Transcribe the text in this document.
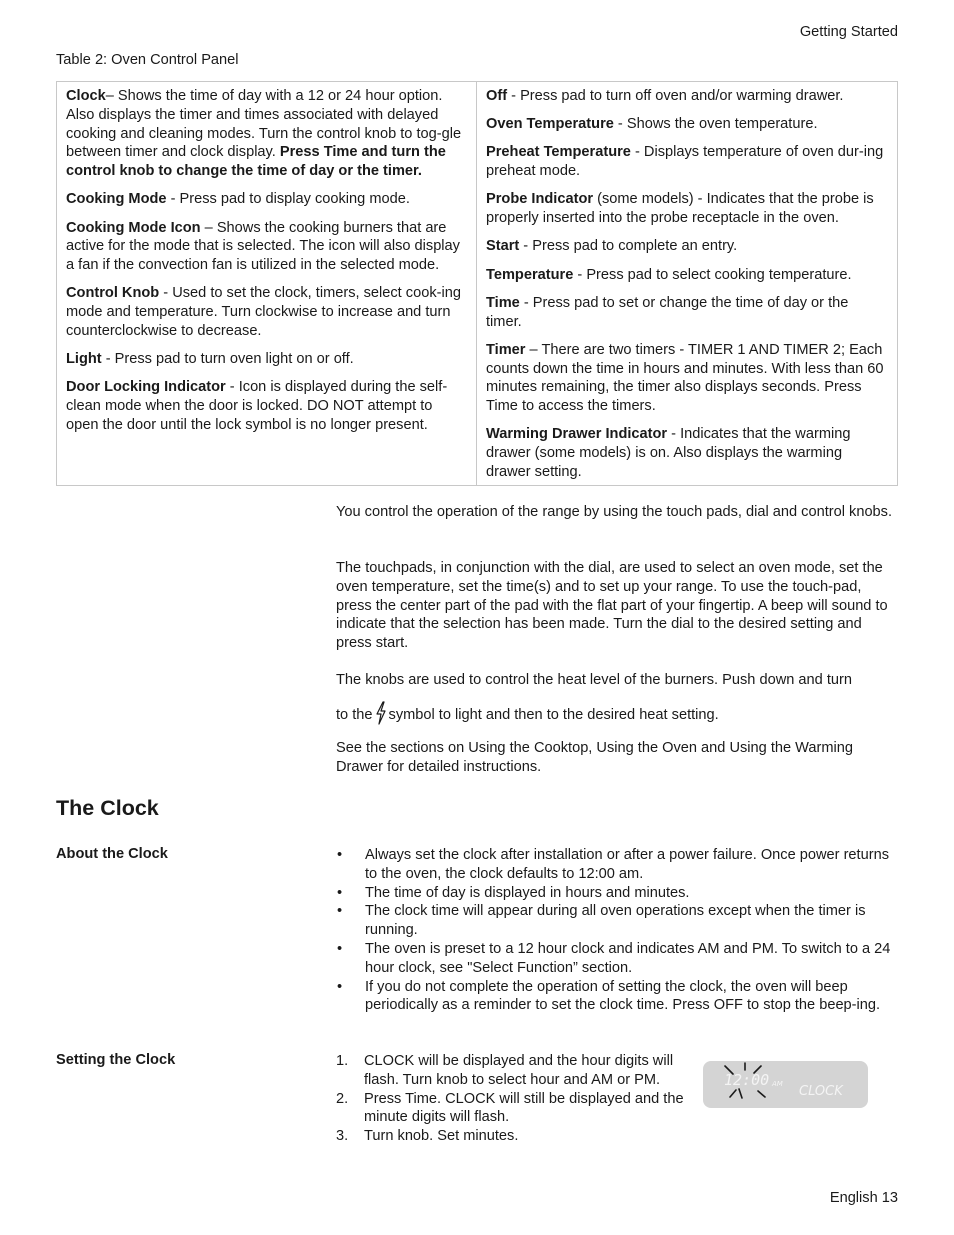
Getting Started
Table 2: Oven Control Panel

Clock– Shows the time of day with a 12 or 24 hour option. Also displays the timer and times associated with delayed cooking and cleaning modes. Turn the control knob to tog-gle between timer and clock display. Press Time and turn the control knob to change the time of day or the timer.

Cooking Mode - Press pad to display cooking mode.

Cooking Mode Icon – Shows the cooking burners that are active for the mode that is selected. The icon will also display a fan if the convection fan is utilized in the selected mode.

Control Knob - Used to set the clock, timers, select cook-ing mode and temperature. Turn clockwise to increase and turn counterclockwise to decrease.

Light - Press pad to turn oven light on or off.

Door Locking Indicator - Icon is displayed during the self-clean mode when the door is locked. DO NOT attempt to open the door until the lock symbol is no longer present.

Off - Press pad to turn off oven and/or warming drawer.

Oven Temperature - Shows the oven temperature.

Preheat Temperature - Displays temperature of oven dur-ing preheat mode.

Probe Indicator (some models) - Indicates that the probe is properly inserted into the probe receptacle in the oven.

Start - Press pad to complete an entry.

Temperature - Press pad to select cooking temperature.

Time - Press pad to set or change the time of day or the timer.

Timer – There are two timers - TIMER 1 AND TIMER 2; Each counts down the time in hours and minutes. With less than 60 minutes remaining, the timer also displays seconds. Press Time to access the timers.

Warming Drawer Indicator - Indicates that the warming drawer (some models) is on. Also displays the warming drawer setting.

You control the operation of the range by using the touch pads, dial and control knobs.

The touchpads, in conjunction with the dial, are used to select an oven mode, set the oven temperature, set the time(s) and to set up your range. To use the touch-pad, press the center part of the pad with the flat part of your fingertip. A beep will sound to indicate that the selection has been made. Turn the dial to the desired setting and press start.

The knobs are used to control the heat level of the burners. Push down and turn

to the symbol to light and then to the desired heat setting.

See the sections on Using the Cooktop, Using the Oven and Using the Warming Drawer for detailed instructions.

The Clock
About the Clock	•	Always set the clock after installation or after a power failure. Once power returns to the oven, the clock defaults to 12:00 am.
•	The time of day is displayed in hours and minutes.
•	The clock time will appear during all oven operations except when the timer is running.
•	The oven is preset to a 12 hour clock and indicates AM and PM. To switch to a 24 hour clock, see "Select Function” section.
•	If you do not complete the operation of setting the clock, the oven will beep periodically as a reminder to set the clock time. Press OFF to stop the beep-ing.
Setting the Clock	1.	CLOCK will be displayed and the hour digits will flash. Turn knob to select hour and AM or PM.
2.	Press Time. CLOCK will still be displayed and the minute digits will flash.
3.	Turn knob. Set minutes.
12:00 AM CLOCK
English 13
